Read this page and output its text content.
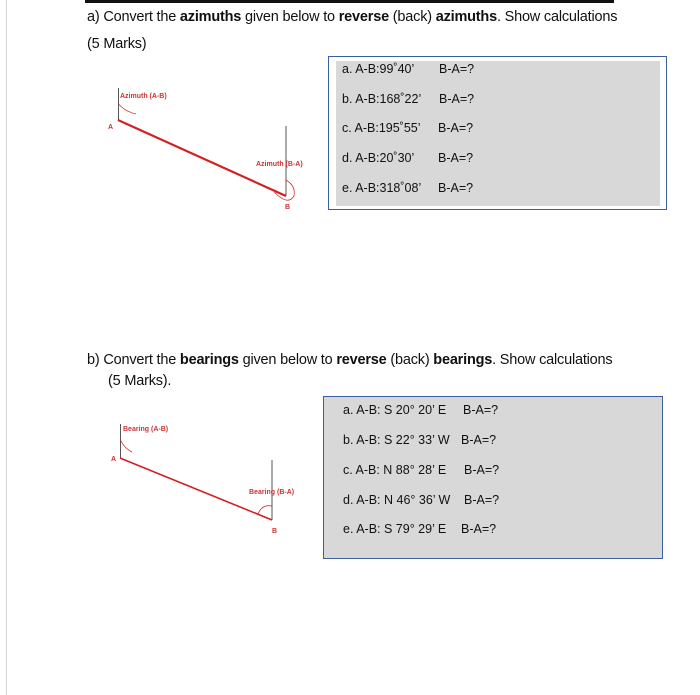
a) Convert the azimuths given below to reverse (back) azimuths. Show calculations
(5 Marks)
Azimuth (A-B)
Azimuth (B-A)
A
B
Bearing (A-B)
Bearing (B-A)
A
B
a. A-B:99˚40’ B-A=?
b. A-B:168˚22’ B-A=?
c. A-B:195˚55’ B-A=?
d. A-B:20˚30’ B-A=?
e. A-B:318˚08’ B-A=?
b) Convert the bearings given below to reverse (back) bearings. Show calculations
(5 Marks).
a. A-B: S 20° 20’ E B-A=?
b. A-B: S 22° 33’ W B-A=?
c. A-B: N 88° 28’ E B-A=?
d. A-B: N 46° 36’ W B-A=?
e. A-B: S 79° 29’ E B-A=?
